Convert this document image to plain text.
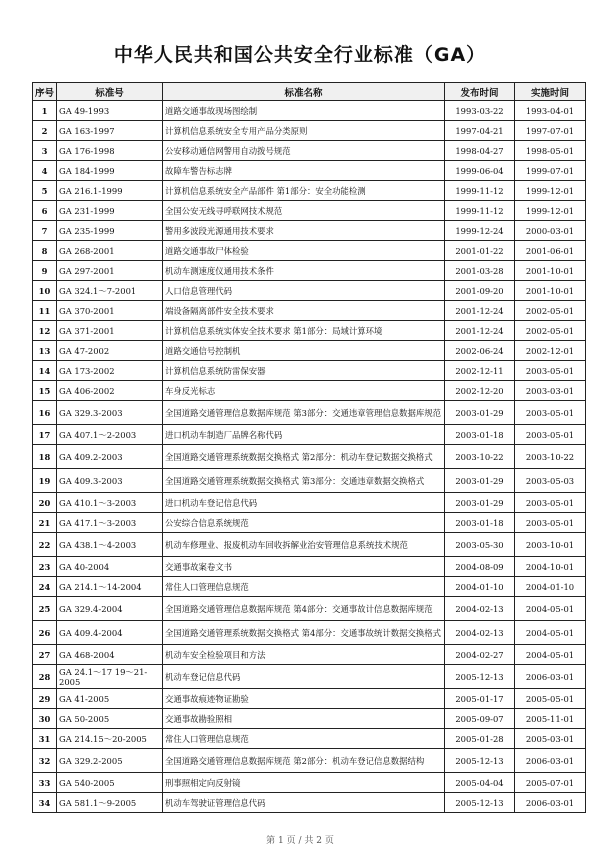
中华人民共和国公共安全行业标准（GA）
序号	标准号	标准名称	发布时间	实施时间
1	GA 49-1993	道路交通事故现场图绘制	1993-03-22	1993-04-01
2	GA 163-1997	计算机信息系统安全专用产品分类原则	1997-04-21	1997-07-01
3	GA 176-1998	公安移动通信网警用自动拨号规范	1998-04-27	1998-05-01
4	GA 184-1999	故障车警告标志牌	1999-06-04	1999-07-01
5	GA 216.1-1999	计算机信息系统安全产品部件 第1部分：安全功能检测	1999-11-12	1999-12-01
6	GA 231-1999	全国公安无线寻呼联网技术规范	1999-11-12	1999-12-01
7	GA 235-1999	警用多波段光源通用技术要求	1999-12-24	2000-03-01
8	GA 268-2001	道路交通事故尸体检验	2001-01-22	2001-06-01
9	GA 297-2001	机动车测速度仪通用技术条件	2001-03-28	2001-10-01
10	GA 324.1～7-2001	人口信息管理代码	2001-09-20	2001-10-01
11	GA 370-2001	端设备隔离部件安全技术要求	2001-12-24	2002-05-01
12	GA 371-2001	计算机信息系统实体安全技术要求 第1部分：局域计算环境	2001-12-24	2002-05-01
13	GA 47-2002	道路交通信号控制机	2002-06-24	2002-12-01
14	GA 173-2002	计算机信息系统防雷保安器	2002-12-11	2003-05-01
15	GA 406-2002	车身反光标志	2002-12-20	2003-03-01
16	GA 329.3-2003	全国道路交通管理信息数据库规范 第3部分：交通违章管理信息数据库规范	2003-01-29	2003-05-01
17	GA 407.1～2-2003	进口机动车制造厂品牌名称代码	2003-01-18	2003-05-01
18	GA 409.2-2003	全国道路交通管理系统数据交换格式 第2部分：机动车登记数据交换格式	2003-10-22	2003-10-22
19	GA 409.3-2003	全国道路交通管理系统数据交换格式 第3部分：交通违章数据交换格式	2003-01-29	2003-05-03
20	GA 410.1～3-2003	进口机动车登记信息代码	2003-01-29	2003-05-01
21	GA 417.1～3-2003	公安综合信息系统规范	2003-01-18	2003-05-01
22	GA 438.1～4-2003	机动车修理业、报废机动车回收拆解业治安管理信息系统技术规范	2003-05-30	2003-10-01
23	GA 40-2004	交通事故案卷文书	2004-08-09	2004-10-01
24	GA 214.1～14-2004	常住人口管理信息规范	2004-01-10	2004-01-10
25	GA 329.4-2004	全国道路交通管理信息数据库规范 第4部分：交通事故计信息数据库规范	2004-02-13	2004-05-01
26	GA 409.4-2004	全国道路交通管理系统数据交换格式 第4部分：交通事故统计数据交换格式	2004-02-13	2004-05-01
27	GA 468-2004	机动车安全检验项目和方法	2004-02-27	2004-05-01
28	GA 24.1～17 19～21-2005	机动车登记信息代码	2005-12-13	2006-03-01
29	GA 41-2005	交通事故痕迹物证勘验	2005-01-17	2005-05-01
30	GA 50-2005	交通事故勘验照相	2005-09-07	2005-11-01
31	GA 214.15～20-2005	常住人口管理信息规范	2005-01-28	2005-03-01
32	GA 329.2-2005	全国道路交通管理信息数据库规范 第2部分：机动车登记信息数据结构	2005-12-13	2006-03-01
33	GA 540-2005	刑事照相定向反射镜	2005-04-04	2005-07-01
34	GA 581.1～9-2005	机动车驾驶证管理信息代码	2005-12-13	2006-03-01
第 1 页 / 共 2 页
